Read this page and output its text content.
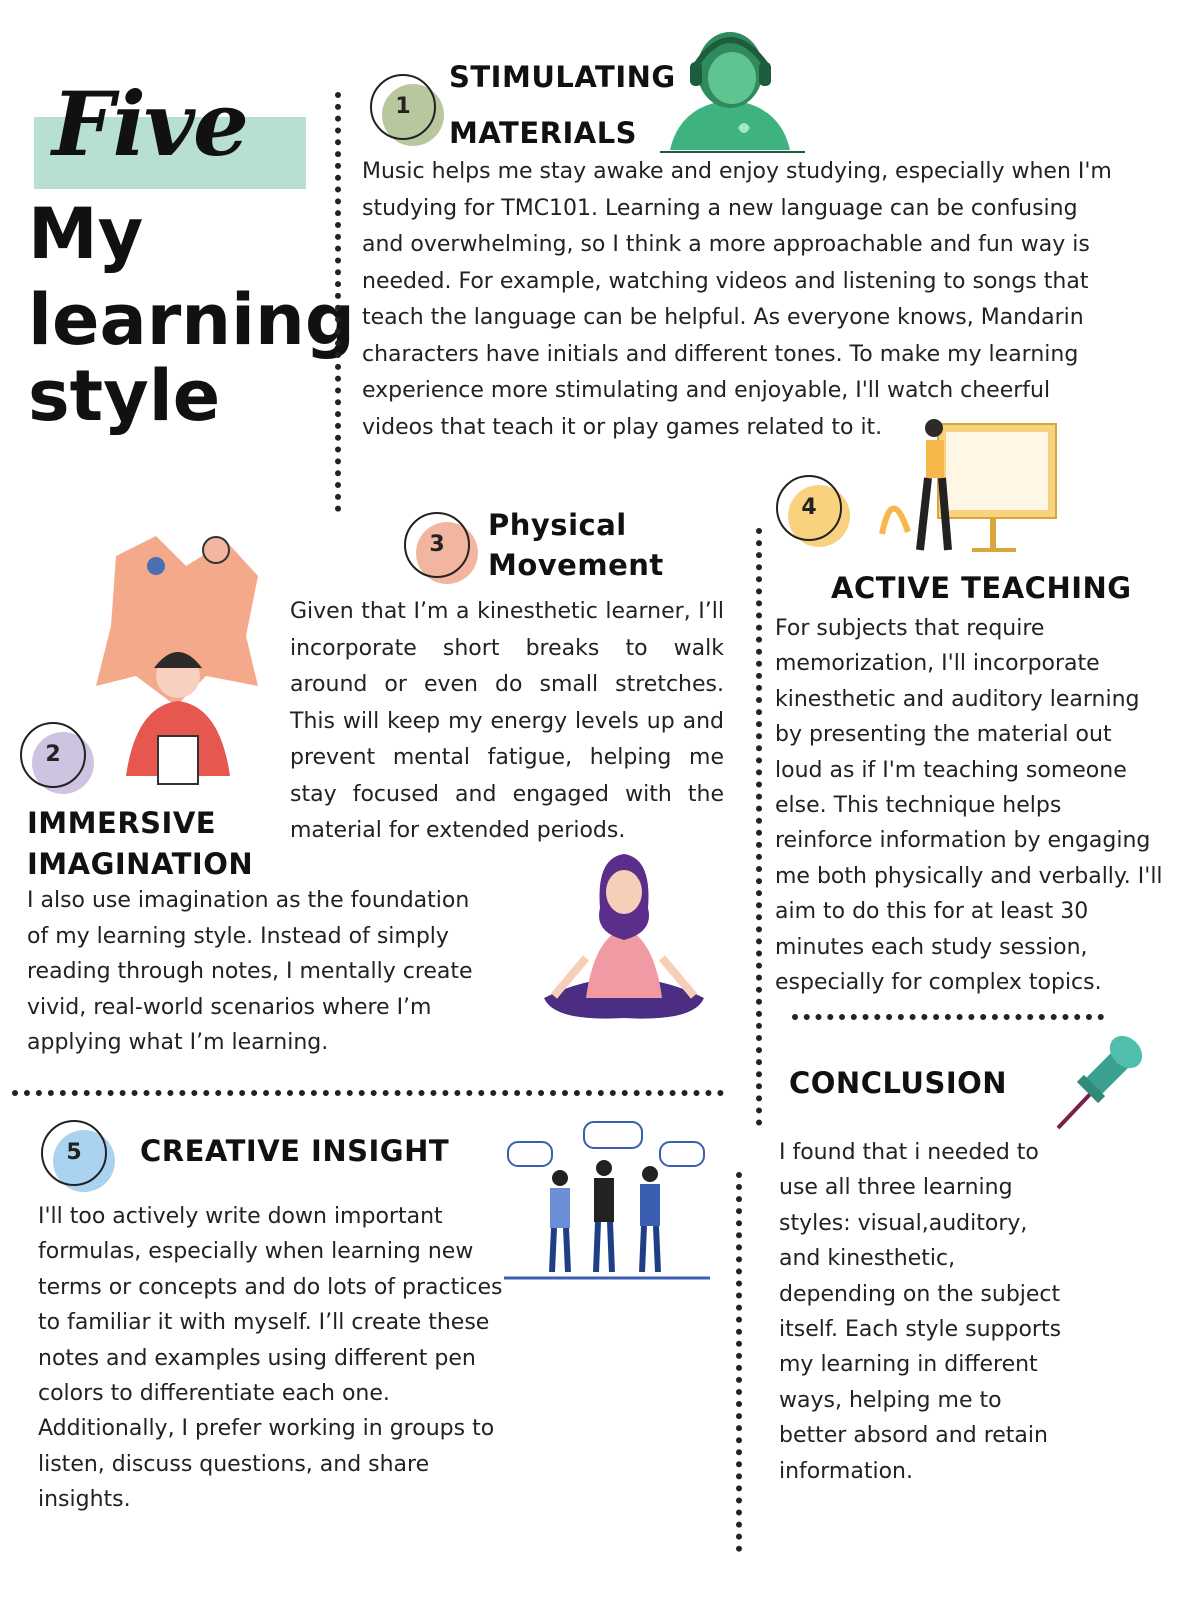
Five
My
learning
style
1
STIMULATING
MATERIALS
Music helps me stay awake and enjoy studying, especially when I'm studying for TMC101. Learning a new language can be confusing and overwhelming, so I think a more approachable and fun way is needed. For example, watching videos and listening to songs that teach the language can be helpful. As everyone knows, Mandarin characters have initials and different tones. To make my learning experience more stimulating and enjoyable, I'll watch cheerful videos that teach it or play games related to it.
3
Physical
Movement
Given that I’m a kinesthetic learner, I’ll incorporate short breaks to walk around or even do small stretches. This will keep my energy levels up and prevent mental fatigue, helping me stay focused and engaged with the material for extended periods.
2
IMMERSIVE
IMAGINATION
I also use imagination as the foundation of my learning style. Instead of simply reading through notes, I mentally create vivid, real-world scenarios where I’m applying what I’m learning.
4
ACTIVE TEACHING
For subjects that require memorization, I'll incorporate kinesthetic and auditory learning by presenting the material out loud as if I'm teaching someone else. This technique helps reinforce information by engaging me both physically and verbally. I'll aim to do this for at least 30 minutes each study session, especially for complex topics.
5	CREATIVE INSIGHT
I'll too actively write down important formulas, especially when learning new terms or concepts and do lots of practices to familiar it with myself. I’ll create these notes and examples using different pen colors to differentiate each one. Additionally, I prefer working in groups to listen, discuss questions, and share insights.
CONCLUSION
I found that i needed to use all three learning styles: visual,auditory, and kinesthetic, depending on the subject itself. Each style supports my learning in different ways, helping me to better absord and retain information.
